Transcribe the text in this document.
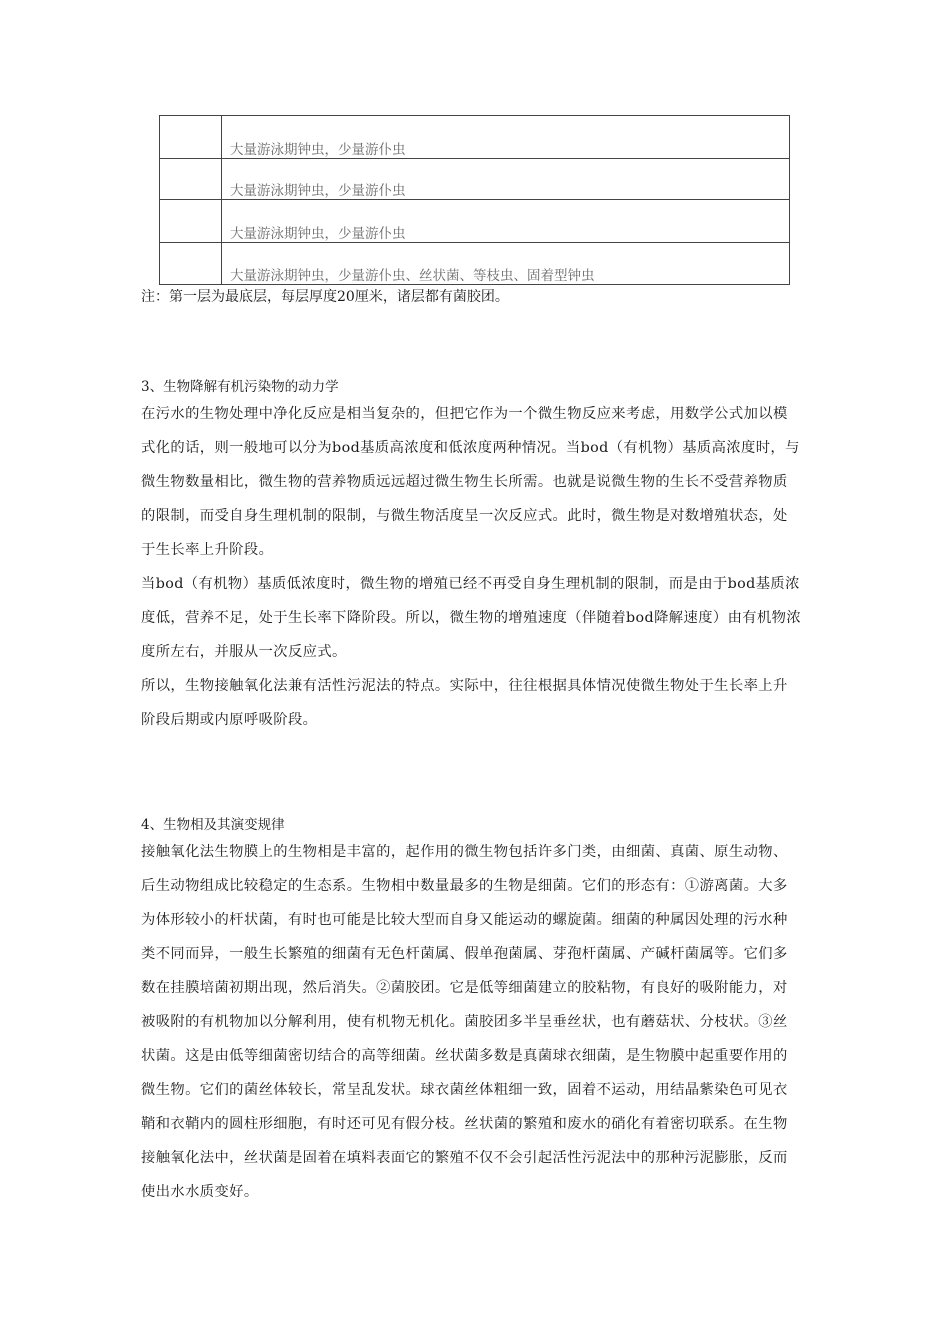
	大量游泳期钟虫，少量游仆虫

	大量游泳期钟虫，少量游仆虫

	大量游泳期钟虫，少量游仆虫

	大量游泳期钟虫，少量游仆虫、丝状菌、等枝虫、固着型钟虫
注：第一层为最底层，每层厚度20厘米，诸层都有菌胶团。
3、生物降解有机污染物的动力学

在污水的生物处理中净化反应是相当复杂的，但把它作为一个微生物反应来考虑，用数学公式加以模

式化的话，则一般地可以分为bod基质高浓度和低浓度两种情况。当bod（有机物）基质高浓度时，与

微生物数量相比，微生物的营养物质远远超过微生物生长所需。也就是说微生物的生长不受营养物质

的限制，而受自身生理机制的限制，与微生物活度呈一次反应式。此时，微生物是对数增殖状态，处

于生长率上升阶段。

当bod（有机物）基质低浓度时，微生物的增殖已经不再受自身生理机制的限制，而是由于bod基质浓

度低，营养不足，处于生长率下降阶段。所以，微生物的增殖速度（伴随着bod降解速度）由有机物浓

度所左右，并服从一次反应式。

所以，生物接触氧化法兼有活性污泥法的特点。实际中，往往根据具体情况使微生物处于生长率上升

阶段后期或内原呼吸阶段。

4、生物相及其演变规律

接触氧化法生物膜上的生物相是丰富的，起作用的微生物包括许多门类，由细菌、真菌、原生动物、

后生动物组成比较稳定的生态系。生物相中数量最多的生物是细菌。它们的形态有：①游离菌。大多

为体形较小的杆状菌，有时也可能是比较大型而自身又能运动的螺旋菌。细菌的种属因处理的污水种

类不同而异，一般生长繁殖的细菌有无色杆菌属、假单孢菌属、芽孢杆菌属、产碱杆菌属等。它们多

数在挂膜培菌初期出现，然后消失。②菌胶团。它是低等细菌建立的胶粘物，有良好的吸附能力，对

被吸附的有机物加以分解利用，使有机物无机化。菌胶团多半呈垂丝状，也有蘑菇状、分枝状。③丝

状菌。这是由低等细菌密切结合的高等细菌。丝状菌多数是真菌球衣细菌，是生物膜中起重要作用的

微生物。它们的菌丝体较长，常呈乱发状。球衣菌丝体粗细一致，固着不运动，用结晶紫染色可见衣

鞘和衣鞘内的圆柱形细胞，有时还可见有假分枝。丝状菌的繁殖和废水的硝化有着密切联系。在生物

接触氧化法中，丝状菌是固着在填料表面它的繁殖不仅不会引起活性污泥法中的那种污泥膨胀，反而

使出水水质变好。
